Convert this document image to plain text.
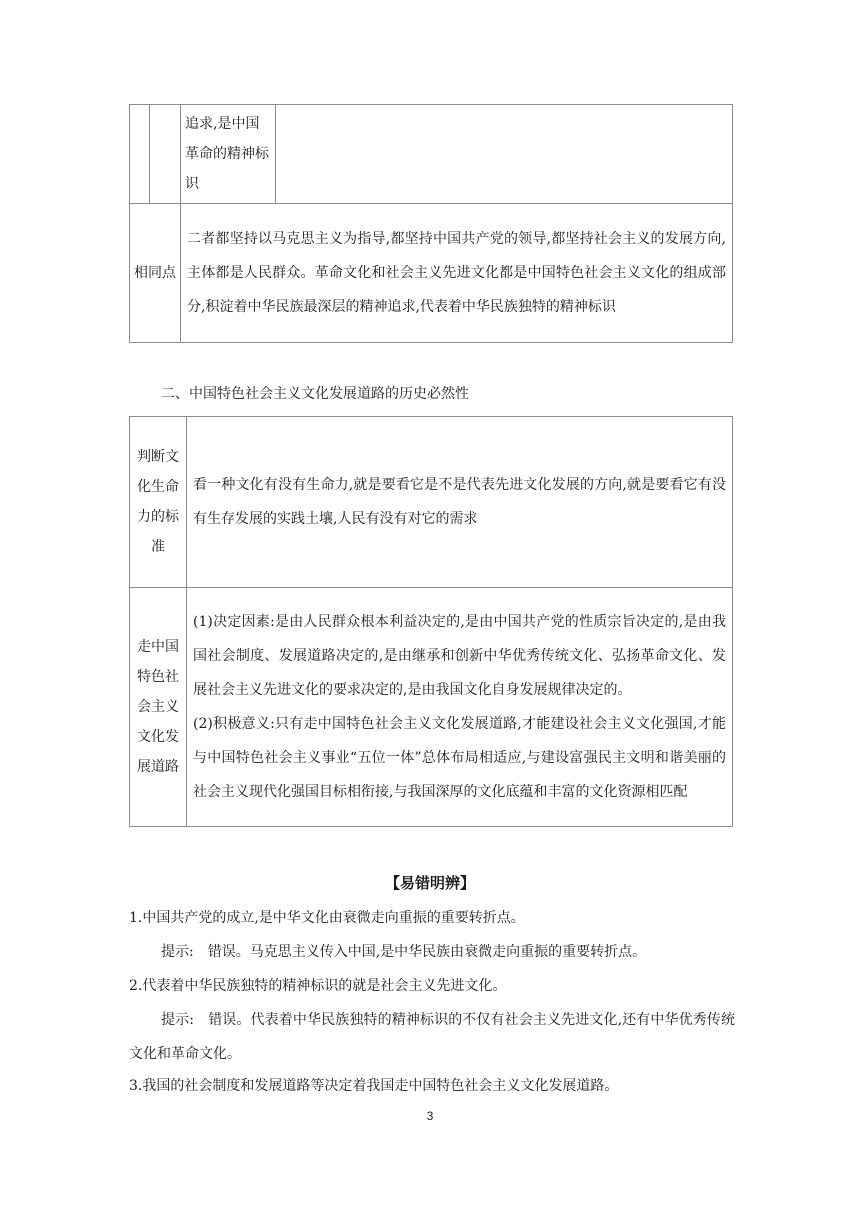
		追求,是中国革命的精神标识	
相同点		二者都坚持以马克思主义为指导,都坚持中国共产党的领导,都坚持社会主义的发展方向,主体都是人民群众。革命文化和社会主义先进文化都是中国特色社会主义文化的组成部分,积淀着中华民族最深层的精神追求,代表着中华民族独特的精神标识	
二、中国特色社会主义文化发展道路的历史必然性
判断文化生命力的标准	看一种文化有没有生命力,就是要看它是不是代表先进文化发展的方向,就是要看它有没有生存发展的实践土壤,人民有没有对它的需求
走中国特色社会主义文化发展道路	(1)决定因素:是由人民群众根本利益决定的,是由中国共产党的性质宗旨决定的,是由我国社会制度、发展道路决定的,是由继承和创新中华优秀传统文化、弘扬革命文化、发展社会主义先进文化的要求决定的,是由我国文化自身发展规律决定的。
(2)积极意义:只有走中国特色社会主义文化发展道路,才能建设社会主义文化强国,才能与中国特色社会主义事业“五位一体”总体布局相适应,与建设富强民主文明和谐美丽的社会主义现代化强国目标相衔接,与我国深厚的文化底蕴和丰富的文化资源相匹配
【易错明辨】

1.中国共产党的成立,是中华文化由衰微走向重振的重要转折点。

提示:　错误。马克思主义传入中国,是中华民族由衰微走向重振的重要转折点。

2.代表着中华民族独特的精神标识的就是社会主义先进文化。

提示:　错误。代表着中华民族独特的精神标识的不仅有社会主义先进文化,还有中华优秀传统文化和革命文化。

3.我国的社会制度和发展道路等决定着我国走中国特色社会主义文化发展道路。

3
